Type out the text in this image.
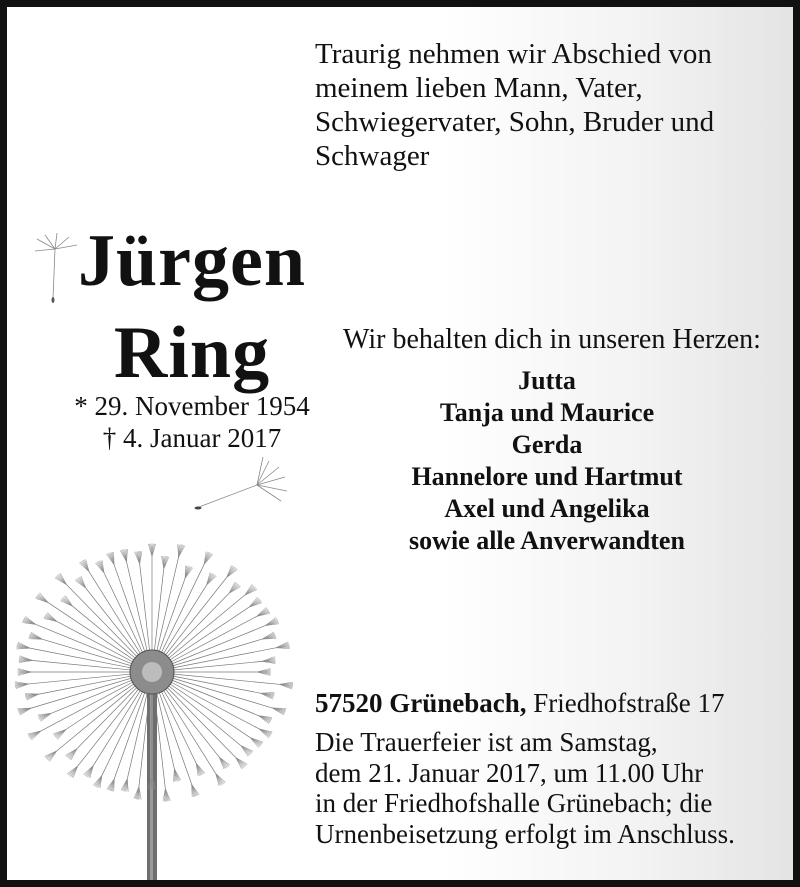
Traurig nehmen wir Abschied von
meinem lieben Mann, Vater,
Schwiegervater, Sohn, Bruder und
Schwager
Jürgen
Ring
* 29. November 1954
† 4. Januar 2017
Wir behalten dich in unseren Herzen:
Jutta
Tanja und Maurice
Gerda
Hannelore und Hartmut
Axel und Angelika
sowie alle Anverwandten
57520 Grünebach, Friedhofstraße 17
Die Trauerfeier ist am Samstag,
dem 21. Januar 2017, um 11.00 Uhr
in der Friedhofshalle Grünebach; die
Urnenbeisetzung erfolgt im Anschluss.
